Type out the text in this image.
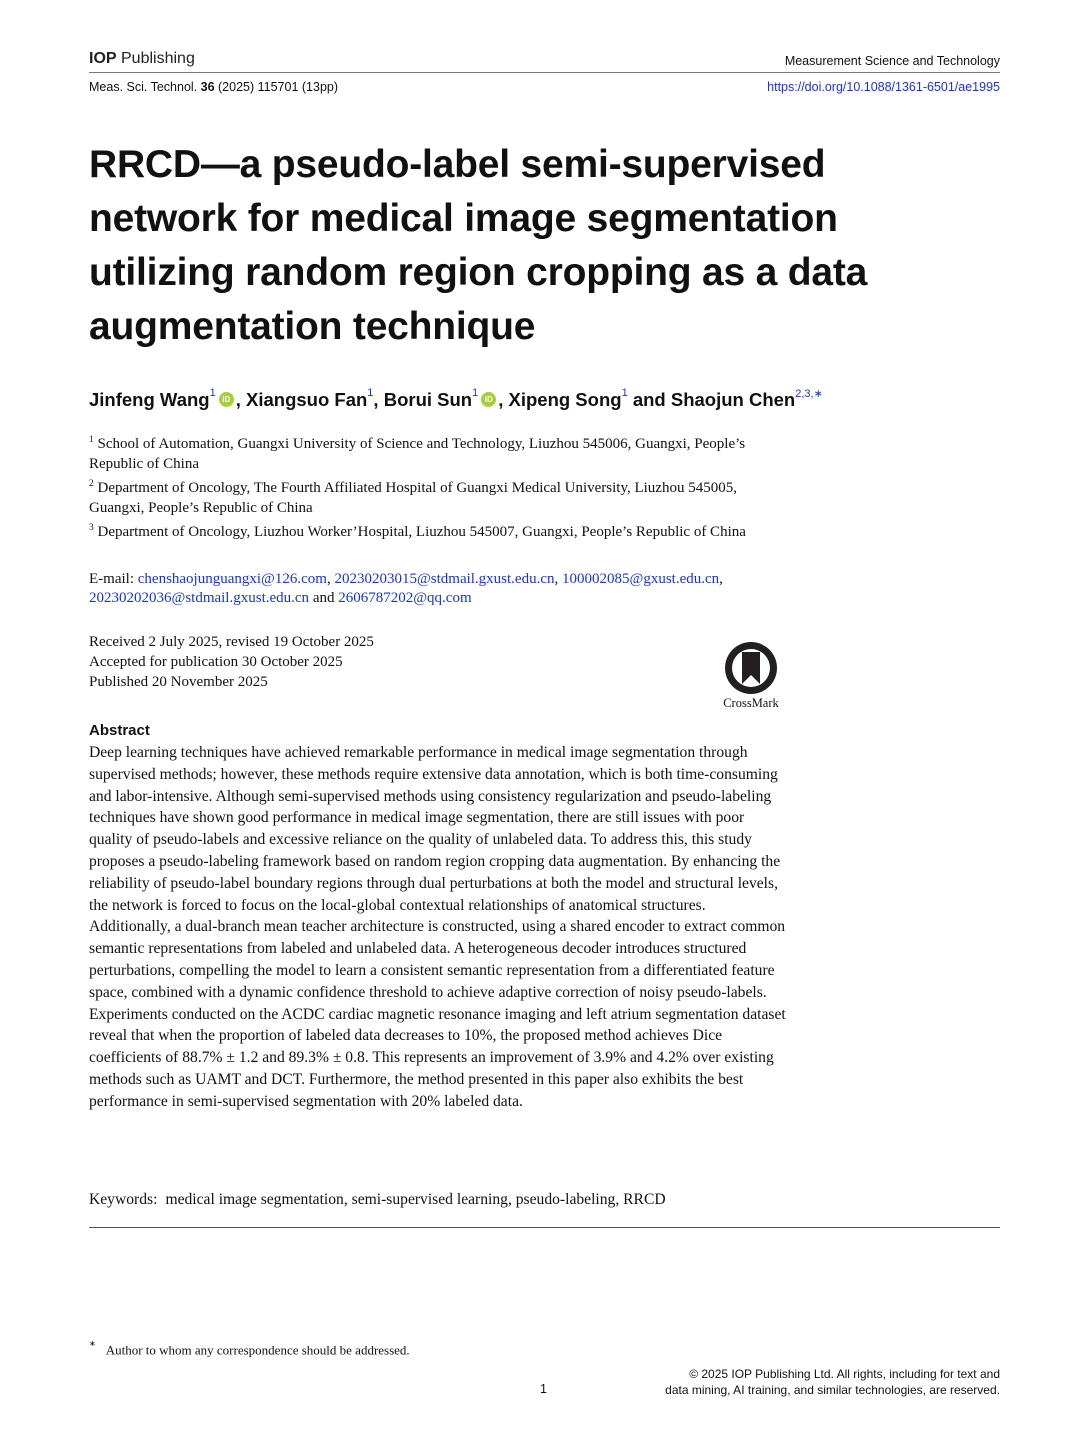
IOP Publishing	Measurement Science and Technology
Meas. Sci. Technol. 36 (2025) 115701 (13pp)	https://doi.org/10.1088/1361-6501/ae1995
RRCD—a pseudo-label semi-supervised network for medical image segmentation utilizing random region cropping as a data augmentation technique
Jinfeng Wang$^1$iD , Xiangsuo Fan$^1$, Borui Sun$^1$iD , Xipeng Song$^1$ and Shaojun Chen$^{2,3,∗}$

$^1$ School of Automation, Guangxi University of Science and Technology, Liuzhou 545006, Guangxi, People’s Republic of China

$^2$ Department of Oncology, The Fourth Affiliated Hospital of Guangxi Medical University, Liuzhou 545005, Guangxi, People’s Republic of China

$^3$ Department of Oncology, Liuzhou Worker’Hospital, Liuzhou 545007, Guangxi, People’s Republic of China

E-mail: chenshaojunguangxi@126.com, 20230203015@stdmail.gxust.edu.cn, 100002085@gxust.edu.cn,

20230202036@stdmail.gxust.edu.cn and 2606787202@qq.com

Received 2 July 2025, revised 19 October 2025

Accepted for publication 30 October 2025

Published 20 November 2025

CrossMark
Abstract

Deep learning techniques have achieved remarkable performance in medical image segmentation through supervised methods; however, these methods require extensive data annotation, which is both time-consuming and labor-intensive. Although semi-supervised methods using consistency regularization and pseudo-labeling techniques have shown good performance in medical image segmentation, there are still issues with poor quality of pseudo-labels and excessive reliance on the quality of unlabeled data. To address this, this study proposes a pseudo-labeling framework based on random region cropping data augmentation. By enhancing the reliability of pseudo-label boundary regions through dual perturbations at both the model and structural levels, the network is forced to focus on the local-global contextual relationships of anatomical structures. Additionally, a dual-branch mean teacher architecture is constructed, using a shared encoder to extract common semantic representations from labeled and unlabeled data. A heterogeneous decoder introduces structured perturbations, compelling the model to learn a consistent semantic representation from a differentiated feature space, combined with a dynamic confidence threshold to achieve adaptive correction of noisy pseudo-labels. Experiments conducted on the ACDC cardiac magnetic resonance imaging and left atrium segmentation dataset reveal that when the proportion of labeled data decreases to 10%, the proposed method achieves Dice coefficients of 88.7% ± 1.2 and 89.3% ± 0.8. This represents an improvement of 3.9% and 4.2% over existing methods such as UAMT and DCT. Furthermore, the method presented in this paper also exhibits the best performance in semi-supervised segmentation with 20% labeled data.

Keywords: medical image segmentation, semi-supervised learning, pseudo-labeling, RRCD
∗ Author to whom any correspondence should be addressed.
1

© 2025 IOP Publishing Ltd. All rights, including for text and

data mining, AI training, and similar technologies, are reserved.
